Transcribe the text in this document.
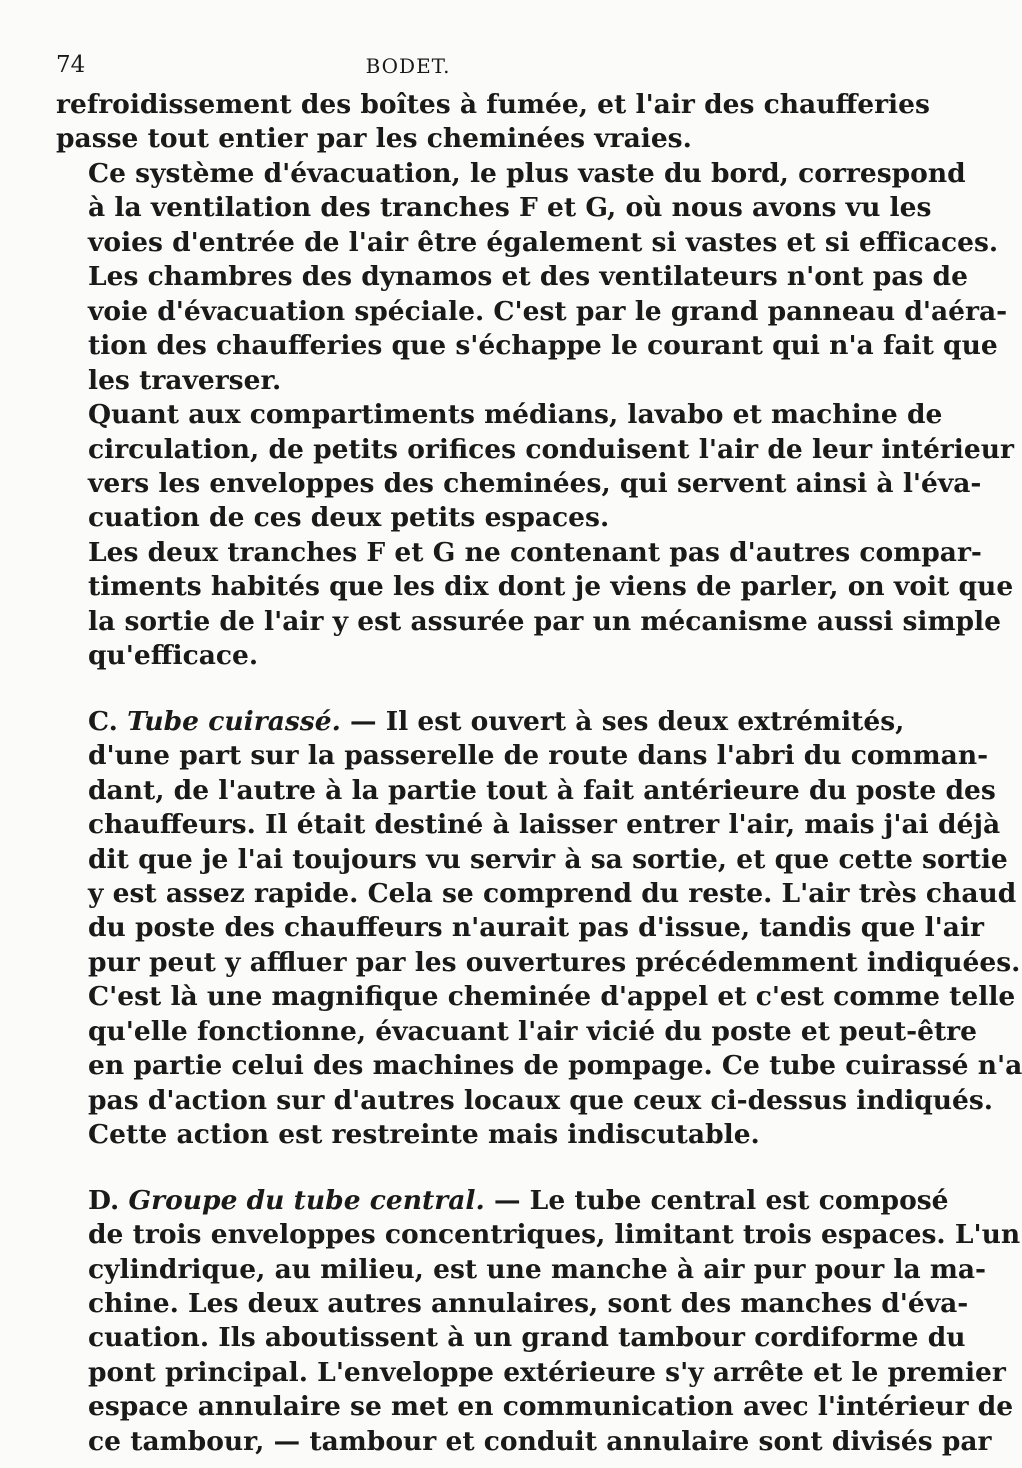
74	BODET.

refroidissement des boîtes à fumée, et l'air des chaufferies
passe tout entier par les cheminées vraies.

Ce système d'évacuation, le plus vaste du bord, correspond
à la ventilation des tranches F et G, où nous avons vu les
voies d'entrée de l'air être également si vastes et si efficaces.

Les chambres des dynamos et des ventilateurs n'ont pas de
voie d'évacuation spéciale. C'est par le grand panneau d'aéra-
tion des chaufferies que s'échappe le courant qui n'a fait que
les traverser.

Quant aux compartiments médians, lavabo et machine de
circulation, de petits orifices conduisent l'air de leur intérieur
vers les enveloppes des cheminées, qui servent ainsi à l'éva-
cuation de ces deux petits espaces.

Les deux tranches F et G ne contenant pas d'autres compar-
timents habités que les dix dont je viens de parler, on voit que
la sortie de l'air y est assurée par un mécanisme aussi simple
qu'efficace.

C. Tube cuirassé. — Il est ouvert à ses deux extrémités,
d'une part sur la passerelle de route dans l'abri du comman-
dant, de l'autre à la partie tout à fait antérieure du poste des
chauffeurs. Il était destiné à laisser entrer l'air, mais j'ai déjà
dit que je l'ai toujours vu servir à sa sortie, et que cette sortie
y est assez rapide. Cela se comprend du reste. L'air très chaud
du poste des chauffeurs n'aurait pas d'issue, tandis que l'air
pur peut y affluer par les ouvertures précédemment indiquées.
C'est là une magnifique cheminée d'appel et c'est comme telle
qu'elle fonctionne, évacuant l'air vicié du poste et peut-être
en partie celui des machines de pompage. Ce tube cuirassé n'a
pas d'action sur d'autres locaux que ceux ci-dessus indiqués.
Cette action est restreinte mais indiscutable.

D. Groupe du tube central. — Le tube central est composé
de trois enveloppes concentriques, limitant trois espaces. L'un
cylindrique, au milieu, est une manche à air pur pour la ma-
chine. Les deux autres annulaires, sont des manches d'éva-
cuation. Ils aboutissent à un grand tambour cordiforme du
pont principal. L'enveloppe extérieure s'y arrête et le premier
espace annulaire se met en communication avec l'intérieur de
ce tambour, — tambour et conduit annulaire sont divisés par
